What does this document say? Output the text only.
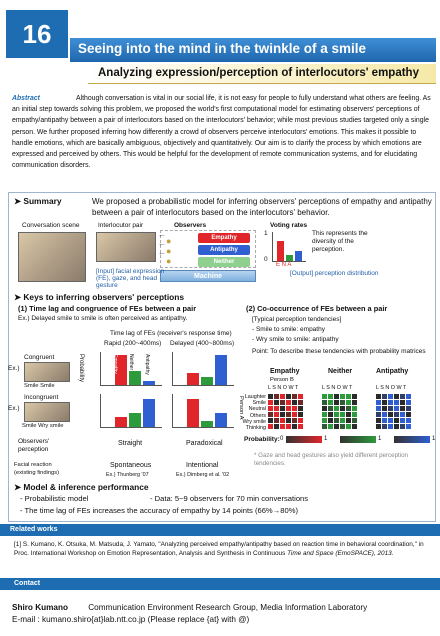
16	Seeing into the mind in the twinkle of a smile
Analyzing expression/perception of interlocutors' empathy
Abstract	Although conversation is vital in our social life, it is not easy for people to fully understand what others are feeling. As an initial step towards solving this problem, we proposed the world's first computational model for estimating observers' perceptions of empathy/antipathy between a pair of interlocutors based on the interlocutors' behavior; while most previous studies targeted only a single person. We further proposed inferring how differently a crowd of observers perceive interlocutors' emotions. This makes it possible to handle emotions, which are basically ambiguous, objectively and quantitatively. Our aim is to clarify the process by which emotions are expressed and perceived by others. This would be helpful for the development of remote communication systems, and for elucidating communication disorders.
➤ Summary	We proposed a probabilistic model for inferring observers' perceptions of empathy and antipathy between a pair of interlocutors based on the interlocutors' behavior.
Conversation scene	Interlocutor pair	Observers
Empathy
Antipathy
Neither
●
●
●
Machine
←
←
←
Voting rates
1
0
E N A
This represents the diversity of the perception.
[Input] facial expression (FE), gaze, and head gesture
[Output] perception distribution
➤ Keys to inferring observers' perceptions
(1) Time lag and congruence of FEs between a pair
Ex.) Delayed smile to smile is often perceived as antipathy.
Time lag of FEs (receiver's response time)
Rapid (200~400ms) Delayed (400~800ms)
Congruent
Ex.)
Smile Smile
Incongruent
Ex.)
Smile Wry smile
Probability	Empathy Neither Antipathy
Observers' perception
Straight	Paradoxical
Facial reaction (existing findings)
Spontaneous
Ex.) Thunberg '07
Intentional
Ex.) Dimberg et al. '02
(2) Co-occurrence of FEs between a pair
[Typical perception tendencies]
- Smile to smile: empathy
- Wry smile to smile: antipathy
Point: To describe these tendencies with probability matrices
Empathy	Neither	Antipathy
Person B
L S N O W T	L S N O W T	L S N O W T
Person A Laughter
Smile
Neutral
Others
Wry smile
Thinking
Probability: 0	1	1	1
* Gaze and head gestures also yield different perception tendencies.
➤ Model & inference performance
- Probabilistic model	- Data: 5~9 observers for 70 min conversations
- The time lag of FEs increases the accuracy of empathy by 14 points (66%→80%)
Related works
[1] S. Kumano, K. Otsuka, M. Matsuda, J. Yamato, "Analyzing perceived empathy/antipathy based on reaction time in behavioral coordination," in Proc. International Workshop on Emotion Representation, Analysis and Synthesis in Continuous Time and Space (EmoSPACE), 2013.
Contact
Shiro Kumano Communication Environment Research Group, Media Information Laboratory
E-mail : kumano.shiro{at}lab.ntt.co.jp (Please replace {at} with @)
